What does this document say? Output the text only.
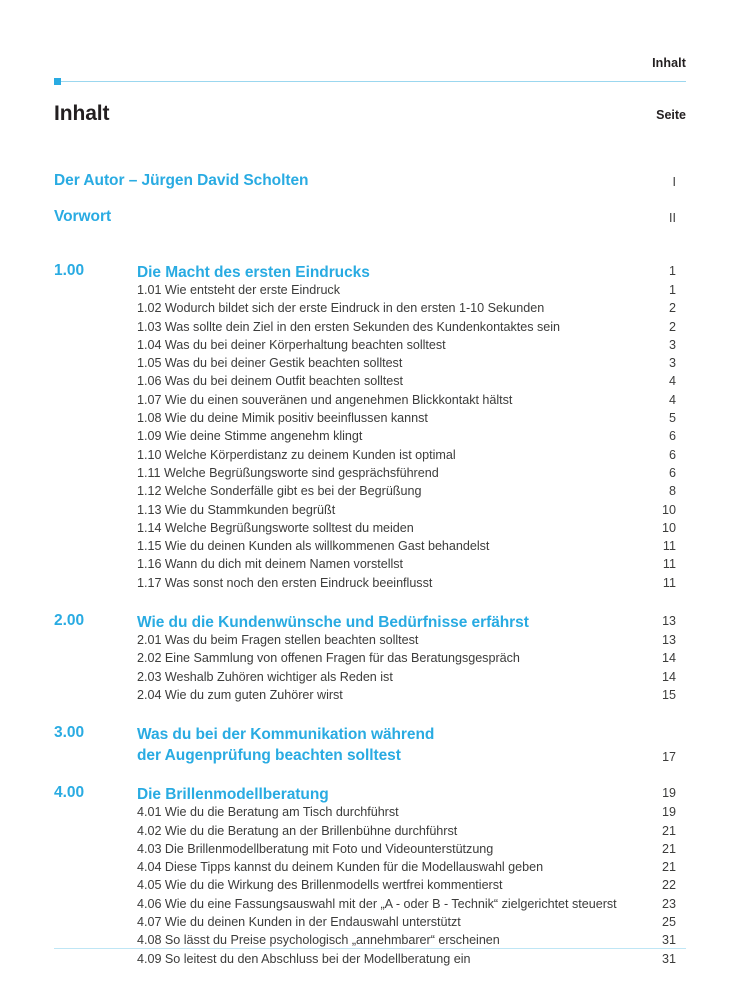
Inhalt
Inhalt	Seite
Der Autor – Jürgen David Scholten	I
Vorwort	II
1.00	Die Macht des ersten Eindrucks	1
1.01 Wie entsteht der erste Eindruck	1
1.02 Wodurch bildet sich der erste Eindruck in den ersten 1-10 Sekunden	2
1.03 Was sollte dein Ziel in den ersten Sekunden des Kundenkontaktes sein	2
1.04 Was du bei deiner Körperhaltung beachten solltest	3
1.05 Was du bei deiner Gestik beachten solltest	3
1.06 Was du bei deinem Outfit beachten solltest	4
1.07 Wie du einen souveränen und angenehmen Blickkontakt hältst	4
1.08 Wie du deine Mimik positiv beeinflussen kannst	5
1.09 Wie deine Stimme angenehm klingt	6
1.10 Welche Körperdistanz zu deinem Kunden ist optimal	6
1.11 Welche Begrüßungsworte sind gesprächsführend	6
1.12 Welche Sonderfälle gibt es bei der Begrüßung	8
1.13 Wie du Stammkunden begrüßt	10
1.14 Welche Begrüßungsworte solltest du meiden	10
1.15 Wie du deinen Kunden als willkommenen Gast behandelst	11
1.16 Wann du dich mit deinem Namen vorstellst	11
1.17 Was sonst noch den ersten Eindruck beeinflusst	11
2.00	Wie du die Kundenwünsche und Bedürfnisse erfährst	13
2.01 Was du beim Fragen stellen beachten solltest	13
2.02 Eine Sammlung von offenen Fragen für das Beratungsgespräch	14
2.03 Weshalb Zuhören wichtiger als Reden ist	14
2.04 Wie du zum guten Zuhörer wirst	15
3.00	Was du bei der Kommunikation während
der Augenprüfung beachten solltest	17
4.00	Die Brillenmodellberatung	19
4.01 Wie du die Beratung am Tisch durchführst	19
4.02 Wie du die Beratung an der Brillenbühne durchführst	21
4.03 Die Brillenmodellberatung mit Foto und Videounterstützung	21
4.04 Diese Tipps kannst du deinem Kunden für die Modellauswahl geben	21
4.05 Wie du die Wirkung des Brillenmodells wertfrei kommentierst	22
4.06 Wie du eine Fassungsauswahl mit der „A - oder B - Technik“ zielgerichtet steuerst	23
4.07 Wie du deinen Kunden in der Endauswahl unterstützt	25
4.08 So lässt du Preise psychologisch „annehmbarer“ erscheinen	31
4.09 So leitest du den Abschluss bei der Modellberatung ein	31
